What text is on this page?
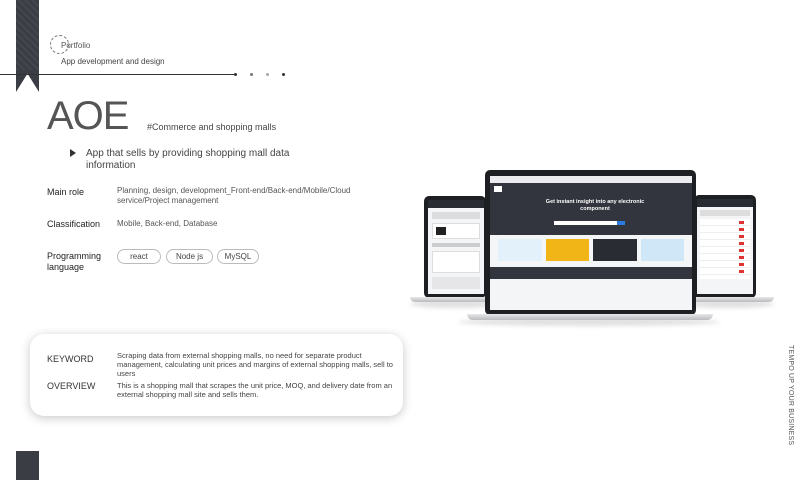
Portfolio
App development and design
AOE #Commerce and shopping malls
App that sells by providing shopping mall data information
Main role	Planning, design, development_Front-end/Back-end/Mobile/Cloud service/Project management
Classification Mobile, Back-end, Database
Programming language
react	Node js	MySQL
Get instant insight into any electronic component
KEYWORD	Scraping data from external shopping malls, no need for separate product management, calculating unit prices and margins of external shopping malls, sell to users
OVERVIEW	This is a shopping mall that scrapes the unit price, MOQ, and delivery date from an external shopping mall site and sells them.	TEMPO UP YOUR BUSINESS
